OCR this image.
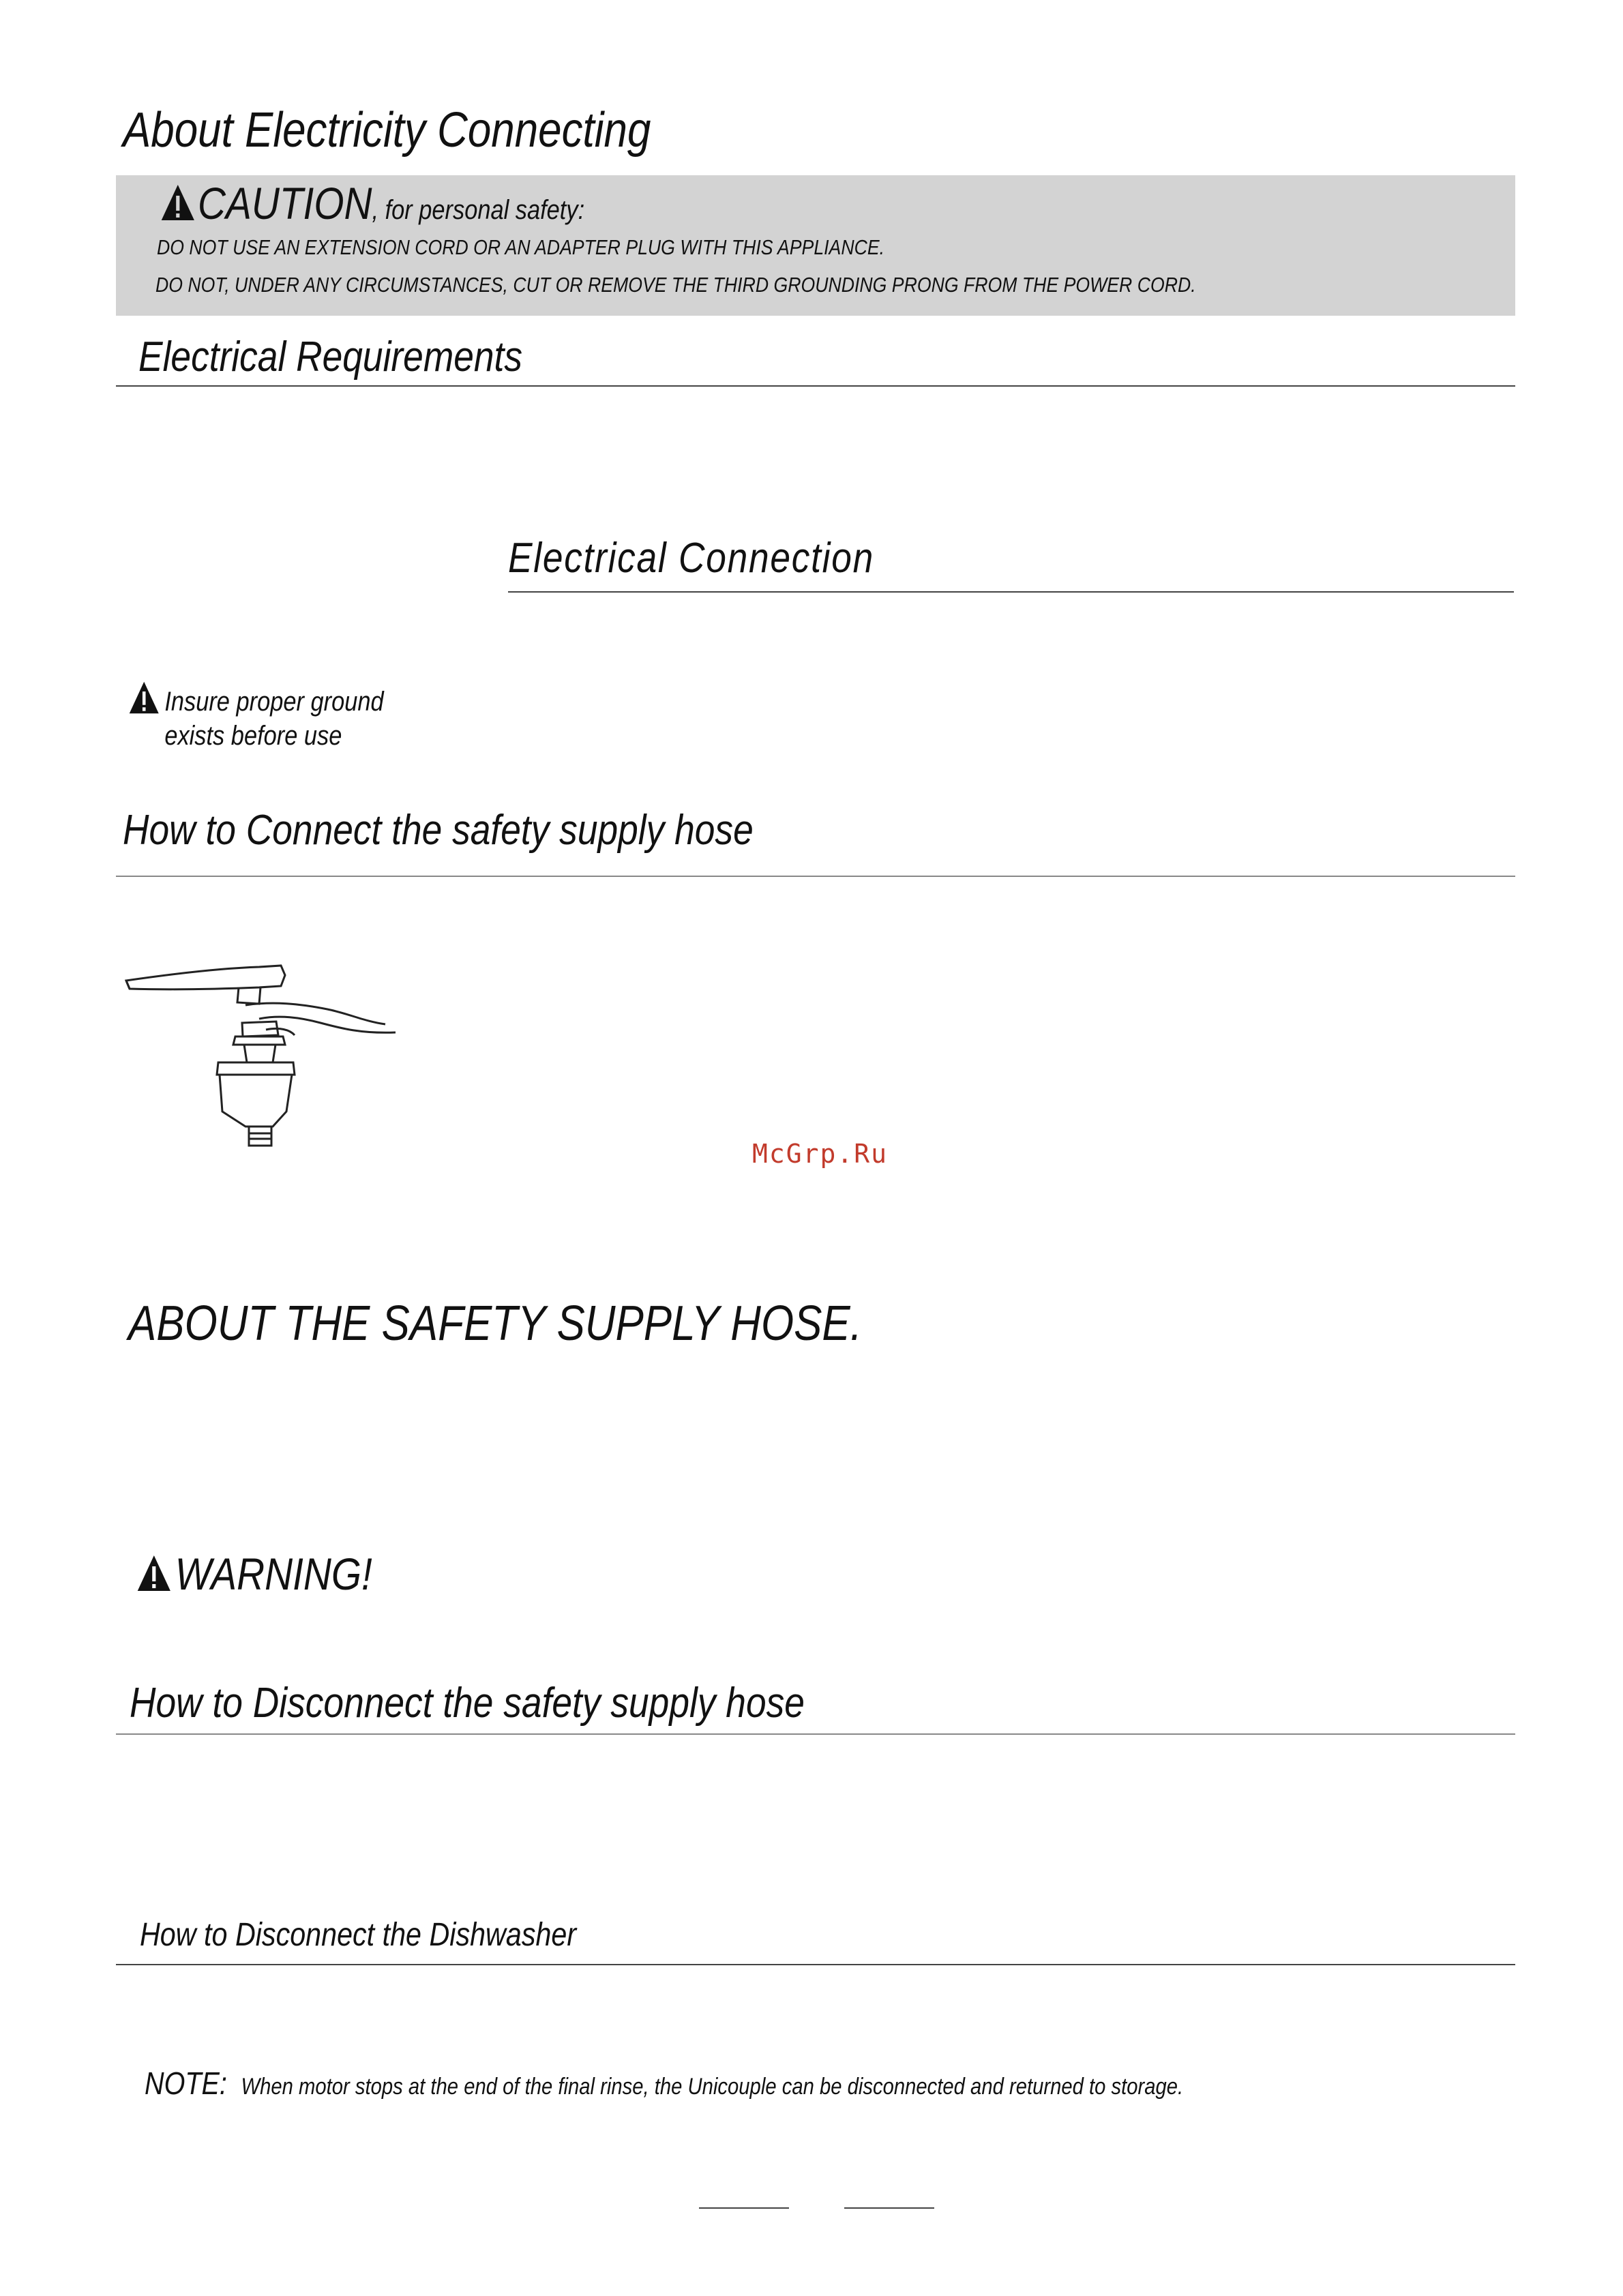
About Electricity Connecting
CAUTION, for personal safety:
DO NOT USE AN EXTENSION CORD OR AN ADAPTER PLUG WITH THIS APPLIANCE.
DO NOT, UNDER ANY CIRCUMSTANCES, CUT OR REMOVE THE THIRD GROUNDING PRONG FROM THE POWER CORD.
Electrical Requirements
Electrical Connection
Insure proper ground
exists before use
How to Connect the safety supply hose
McGrp.Ru
ABOUT THE SAFETY SUPPLY HOSE.
WARNING!
How to Disconnect the safety supply hose
How to Disconnect the Dishwasher
NOTE: When motor stops at the end of the final rinse, the Unicouple can be disconnected and returned to storage.
